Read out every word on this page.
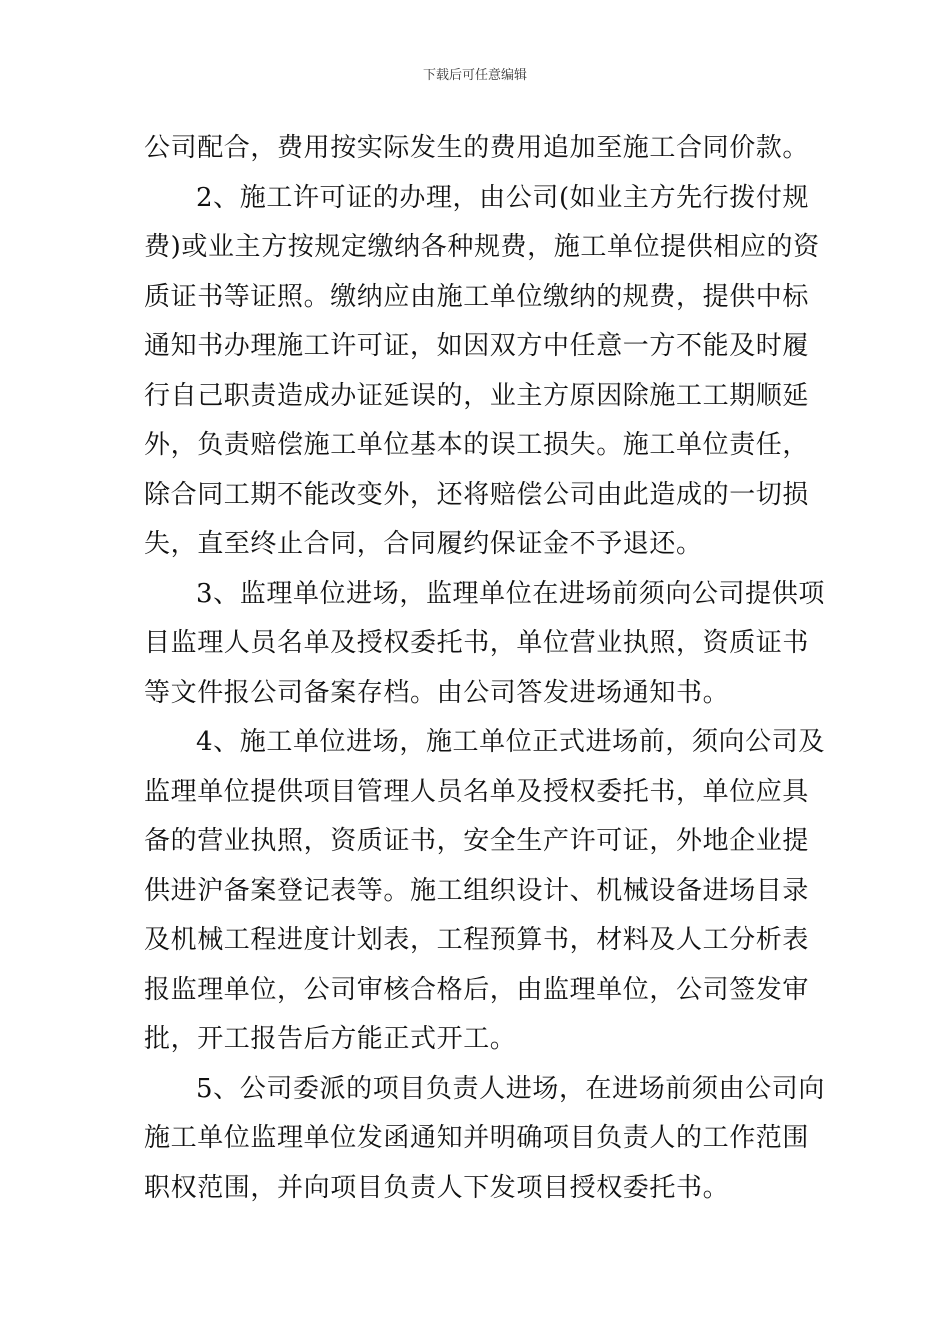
下载后可任意编辑
公司配合，费用按实际发生的费用追加至施工合同价款。
2、施工许可证的办理，由公司(如业主方先行拨付规
费)或业主方按规定缴纳各种规费，施工单位提供相应的资
质证书等证照。缴纳应由施工单位缴纳的规费，提供中标
通知书办理施工许可证，如因双方中任意一方不能及时履
行自己职责造成办证延误的，业主方原因除施工工期顺延
外，负责赔偿施工单位基本的误工损失。施工单位责任，
除合同工期不能改变外，还将赔偿公司由此造成的一切损
失，直至终止合同，合同履约保证金不予退还。
3、监理单位进场，监理单位在进场前须向公司提供项
目监理人员名单及授权委托书，单位营业执照，资质证书
等文件报公司备案存档。由公司答发进场通知书。
4、施工单位进场，施工单位正式进场前，须向公司及
监理单位提供项目管理人员名单及授权委托书，单位应具
备的营业执照，资质证书，安全生产许可证，外地企业提
供进沪备案登记表等。施工组织设计、机械设备进场目录
及机械工程进度计划表，工程预算书，材料及人工分析表
报监理单位，公司审核合格后，由监理单位，公司签发审
批，开工报告后方能正式开工。
5、公司委派的项目负责人进场，在进场前须由公司向
施工单位监理单位发函通知并明确项目负责人的工作范围
职权范围，并向项目负责人下发项目授权委托书。
